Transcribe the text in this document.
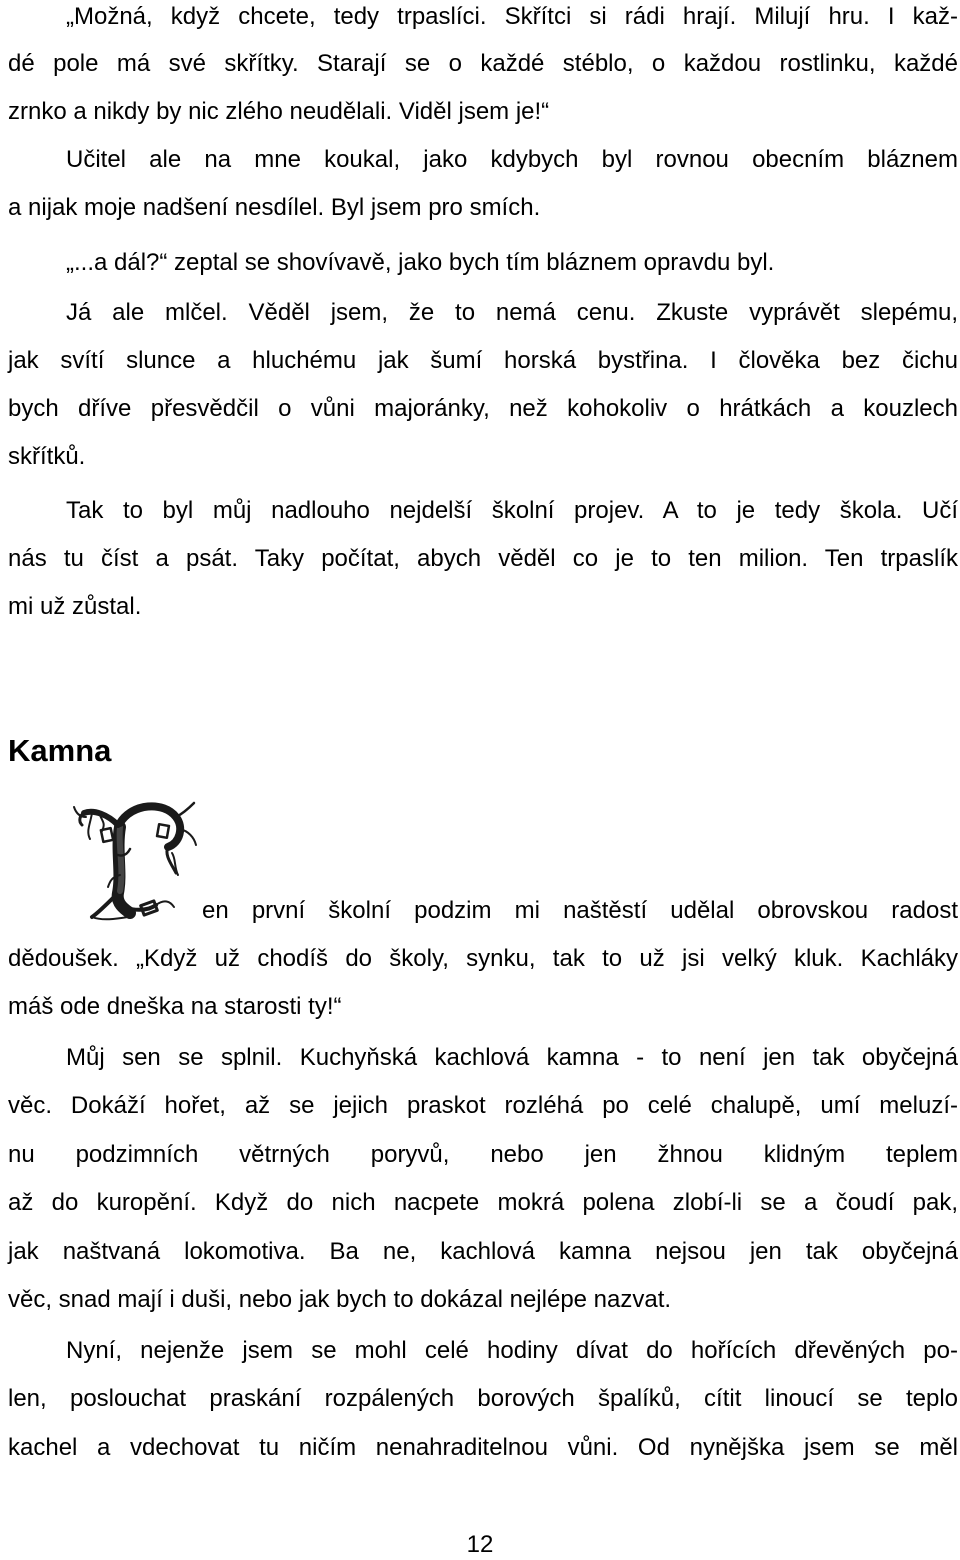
„Možná, když chcete, tedy trpaslíci. Skřítci si rádi hrají. Milují hru. I kaž-
dé pole má své skřítky. Starají se o každé stéblo, o každou rostlinku, každé
zrnko a nikdy by nic zlého neudělali. Viděl jsem je!“
Učitel ale na mne koukal, jako kdybych byl rovnou obecním bláznem
a nijak moje nadšení nesdílel. Byl jsem pro smích.
„...a dál?“ zeptal se shovívavě, jako bych tím bláznem opravdu byl.
Já ale mlčel. Věděl jsem, že to nemá cenu. Zkuste vyprávět slepému,
jak svítí slunce a hluchému jak šumí horská bystřina. I člověka bez čichu
bych dříve přesvědčil o vůni majoránky, než kohokoliv o hrátkách a kouzlech
skřítků.
Tak to byl můj nadlouho nejdelší školní projev. A to je tedy škola. Učí
nás tu číst a psát. Taky počítat, abych věděl co je to ten milion. Ten trpaslík
mi už zůstal.
Kamna
en první školní podzim mi naštěstí udělal obrovskou radost
dědoušek. „Když už chodíš do školy, synku, tak to už jsi velký kluk. Kachláky
máš ode dneška na starosti ty!“
Můj sen se splnil. Kuchyňská kachlová kamna - to není jen tak obyčejná
věc. Dokáží hořet, až se jejich praskot rozléhá po celé chalupě, umí meluzí-
nu podzimních větrných poryvů, nebo jen žhnou klidným teplem
až do kuropění. Když do nich nacpete mokrá polena zlobí-li se a čoudí pak,
jak naštvaná lokomotiva. Ba ne, kachlová kamna nejsou jen tak obyčejná
věc, snad mají i duši, nebo jak bych to dokázal nejlépe nazvat.
Nyní, nejenže jsem se mohl celé hodiny dívat do hořících dřevěných po-
len, poslouchat praskání rozpálených borových špalíků, cítit linoucí se teplo
kachel a vdechovat tu ničím nenahraditelnou vůni. Od nynějška jsem se měl
12
